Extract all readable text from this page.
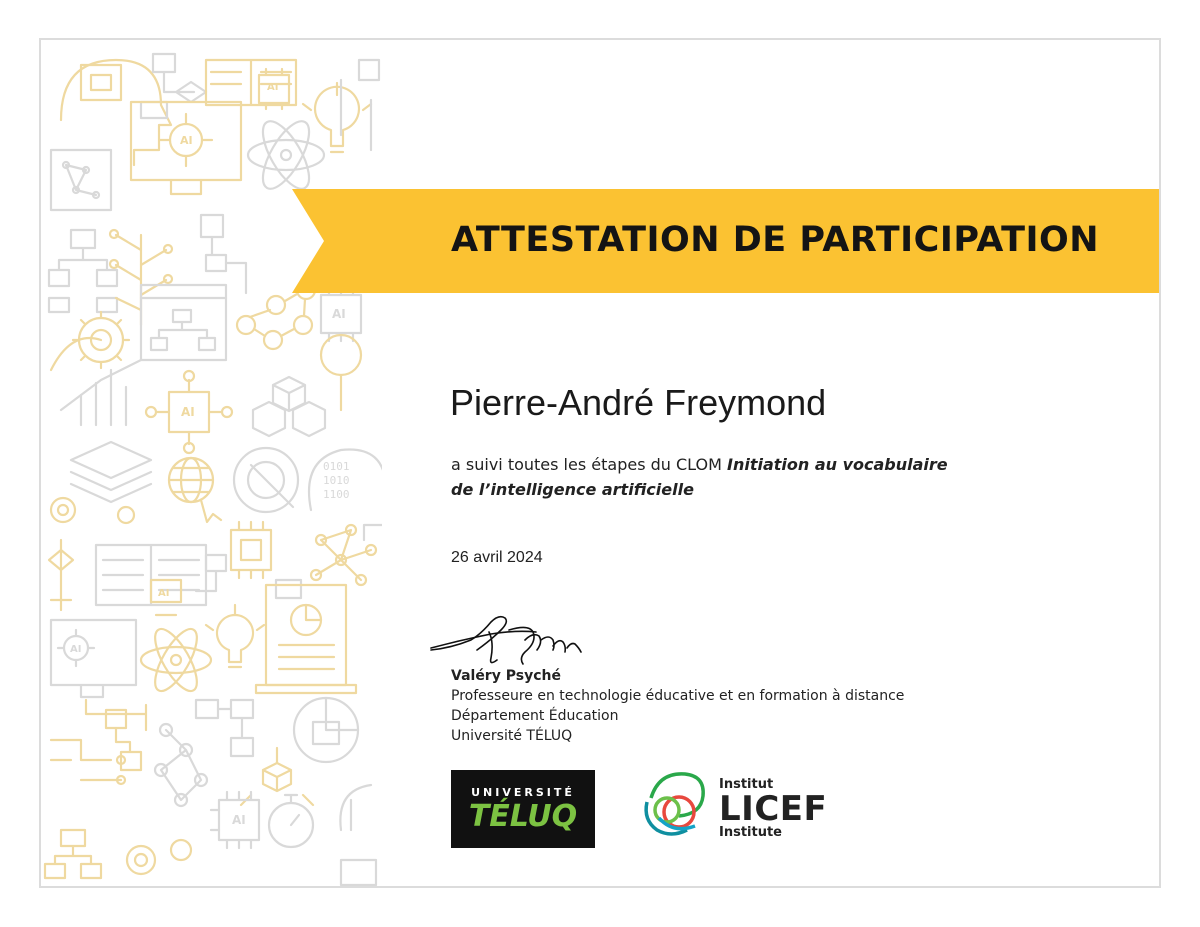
0101
1010
1100
AI
AI
AI
AI
AI
AI
AI
ATTESTATION DE PARTICIPATION
Pierre-André Freymond
a suivi toutes les étapes du CLOM Initiation au vocabulaire
de l’intelligence artificielle
26 avril 2024
Valéry Psyché
Professeure en technologie éducative et en formation à distance
Département Éducation
Université TÉLUQ
UNIVERSITÉ
TÉLUQ
Institut
LICEF
Institute
